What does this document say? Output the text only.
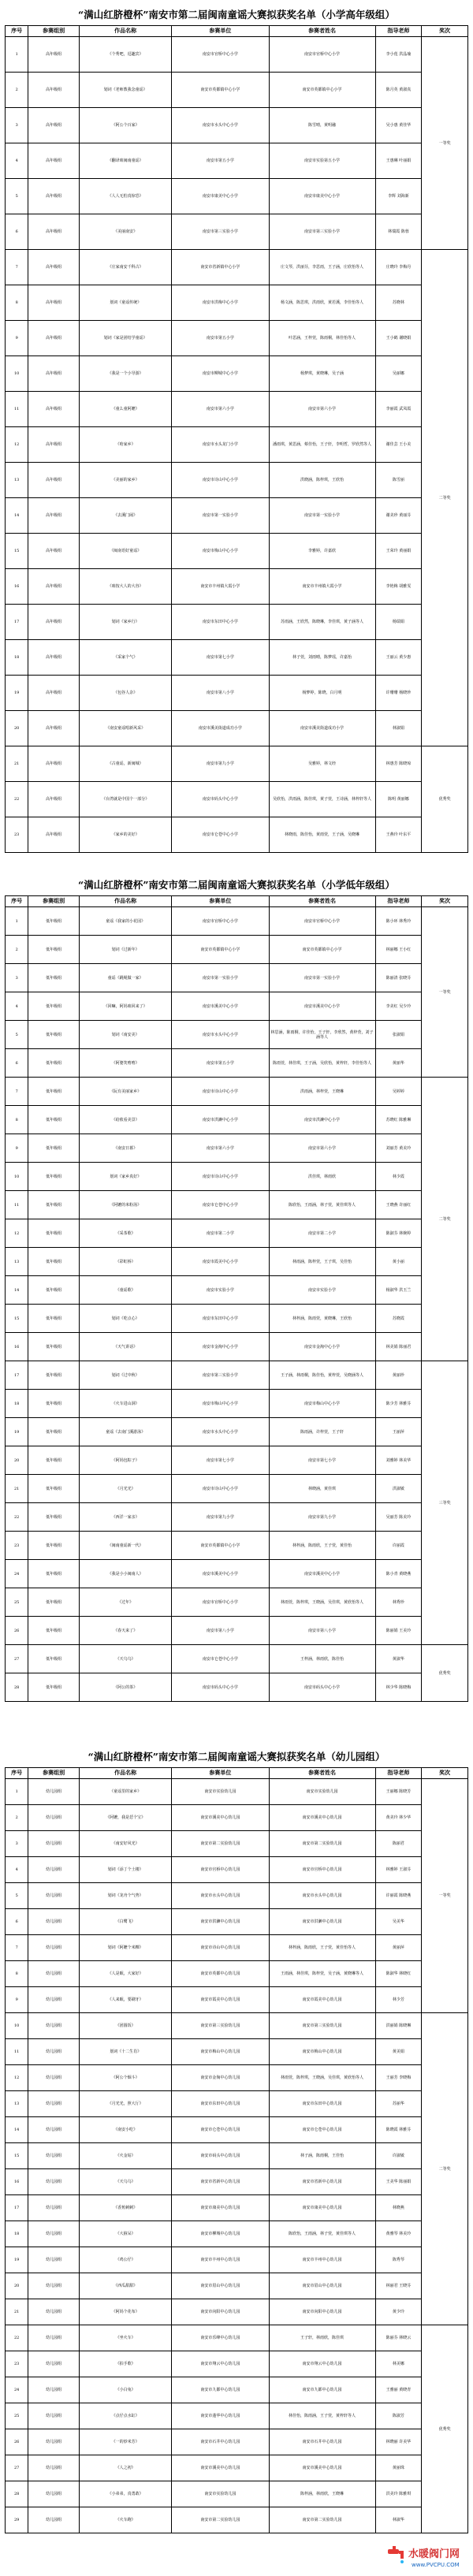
“满山红脐橙杯”南安市第二届闽南童谣大赛拟获奖名单（小学高年级组）
序号	参赛组别	作品名称	参赛单位	参赛者姓名	指导老师	奖次
1	高年级组	《个秀吧，逗趣宾》	南安市官桥中心小学	南安市官桥中心小学	李小莲 洪晶瑜	一等奖
2	高年级组	划词《老师教我念童谣》	南安市英都镇中心小学	南安市英都镇中心小学	陈月英 黄淑真	
3	高年级组	《阿公个百家》	南安市水头中心小学	陈雪晴，黄明融	吴小惠 黄佳华	
4	高年级组	《翻译咱闽南童谣》	南安市第五小学	南安市实验第五小学	王惠琳 叶丽娟	
5	高年级组	《人人无怕真惊恐》	南安市康美中心小学	南安市康美中心小学	李辉 刘海新	
6	高年级组	《美丽南安》	南安市第三实验小学	南安市第三实验小学	林瑞霞 陈蓉	
7	高年级组	《庄家南安千科古》	南安市省新镇中心小学	庄文琴，洪丽芬，李思雨，王子涵，庄欣怡等人	庄晓玲 李梅丹	二等奖
8	高年级组	划词《童谣传统》	南安市洪梅中心小学	杨文涵，陈思琪，洪雨欣，黄若溪，李佳怡等人	苏晓林	
9	高年级组	划词《家是团结学童谣》	南安市第五小学	叶思涵，王梓萱，陈雨桐，林佳怡等人	王小鹤 谢晓娟	
10	高年级组	《我是一个小导游》	南安市柳城中心小学	杨梦琪，黄晓琳，吴子涵	吴丽娜	
11	高年级组	《童么童阿嬷》	南安市第六小学	南安市第六小学	李丽霞 武凤霞	
12	高年级组	《哈家乡》	南安市水头龙门小学	潘雨琪，黄思涵，蔡佳怡，王子轩，李明哲，罗欣然等人	谢佳芸 王小美	
13	高年级组	《美丽的家乡》	南安市诗山中心小学	洪晓涵，陈梓琪，王欣怡	陈雪丽	
14	高年级组	《去溪门闹》	南安市第一实验小学	南安市第一实验小学	谢美珍 黄丽芬	
15	高年级组	《闽南语好童谣》	南安市梅山中心小学	李雅婷，许嘉欣	王荣玲 黄丽娟	
16	高年级组	《咱按大人的大谷》	南安市丰州镇大霞小学	南安市丰州镇大霞小学	李艳梅 胡雅雯	
17	高年级组	划词《家乡行》	南安市东田中心小学	苏雨涵，王欣然，陈晓琳，李佳琪，黄子涵等人	杨瑞娟	
18	高年级组	《采家个气》	南安市第七小学	林子萱，刘雨晴，陈梦瑶，许嘉怡	王丽云 黄少惠	
19	高年级组	《包谷人杂》	南安市第八小学	杨梦婷，陈晓，白月明	许珊珊 杨晓珍	
20	高年级组	《南安童谣唱新风采》	南安市溪美街道成功小学	南安市溪美街道成功小学	林淑娟	
21	高年级组	《古童谣，新闽城》	南安市第九小学	吴雅婷，林文经	林惠芳 陈晓琼	优秀奖
22	高年级组	《台湾就是中国个一部分》	南安市码头中心小学	吴欣怡，洪雨涵，陈佳琪，黄子萱，王诗涵，林梓轩等人	陈明 黄丽娜	
23	高年级组	《家乡的美好》	南安市仑苍中心小学	林晓雨，陈佳怡，黄雨萱，王子涵，吴晓琳	王燕玲 叶东平	
“满山红脐橙杯”南安市第二届闽南童谣大赛拟获奖名单（小学低年级组）
序号	参赛组别	作品名称	参赛单位	参赛者姓名	指导老师	奖次
1	低年级组	童谣《我家的小花园》	南安市官桥中心小学	南安市官桥中心小学	陈小环 林秀玲	一等奖
2	低年级组	划词《过新年》	南安市英都镇中心小学	南安市英都镇中心小学	林丽娜 王小红	
3	低年级组	童谣《跳绳做一家》	南安市第一实验小学	南安市第一实验小学	陈丽清 张晓芬	
4	低年级组	《回嘛，阿妈咱回来了》	南安市溪美中心小学	南安市溪美中心小学	李美红 吴少玲	
5	低年级组	划词《南安美》	南安市水头中心小学	林思涵，陈雨桐，许佳怡，王子轩，李欣然，黄梓萱，刘子涵等人	张淑娟	
6	低年级组	《阿婆笑嘻嘻》	南安市第五小学	陈雨萱，林佳琪，王子涵，吴欣怡，黄梓轩，李佳怡等人	黄丽华	
7	低年级组	《阮有美丽家乡》	南安市诗山中心小学	洪雨涵，林梓萱，王晓琳	吴婷婷	二等奖
8	低年级组	《给侬看美景》	南安市洪濑中心小学	南安市洪濑中心小学	苏晓红 陈雅琳	
9	低年级组	《南安日暮》	南安市第六小学	南安市第六小学	刘丽芳 黄美玲	
10	低年级组	划词《家乡真好》	南安市诗山中心小学	洪佳琪，林雨欣	林少霞	
11	低年级组	《阿嬷的米粉汤》	南安市仑苍中心小学	陈欣怡，王雨涵，林子萱，黄佳琪等人	王晓燕 许丽红	
12	低年级组	《采茶歌》	南安市第二小学	南安市第二小学	陈淑芬 林婉婷	
13	低年级组	《彩虹桥》	南安市霞美中心小学	林雨涵，陈梓萱，王子琪，吴佳怡	黄小丽	
14	低年级组	《童谣歌》	南安市实验小学	南安市实验小学	杨淑华 洪玉兰	
15	低年级组	划词《吃点心》	南安市东田中心小学	林梓涵，陈雨萱，黄晓琳，王欣怡	苏晓霞	
16	低年级组	《天气讲话》	南安市金淘中心小学	南安市金淘中心小学	林美娟 陈丽君	
17	低年级组	划词《过中秋》	南安市第三实验小学	王子涵，林雨桐，陈佳怡，黄梓萱，吴晓涵等人	黄丽珍	三等奖
18	低年级组	《火车进山洞》	南安市梅山中心小学	南安市梅山中心小学	陈少芳 林雅芬	
19	低年级组	童谣《去南门溪游泳》	南安市水头中心小学	陈雨涵，许梓萱，王子轩	王丽萍	
20	低年级组	《阿妈包粽子》	南安市第七小学	南安市第七小学	刘雅婷 林美华	
21	低年级组	《月光光》	南安市诗山中心小学	林晓涵，黄佳琪	洪淑敏	
22	低年级组	《西洋一家亲》	南安市第九小学	南安市第九小学	吴丽芳 陈美玲	
23	低年级组	《闽南童谣新一代》	南安市英都镇中心小学	林梓涵，陈雨欣，王子萱，黄佳怡	许丽霞	
24	低年级组	《我是小小闽南人》	南安市溪美中心小学	南安市溪美中心小学	陈小青 黄晓燕	
25	低年级组	《过年》	南安市官桥中心小学	林雨萱，陈梓琪，王晓涵，吴佳琪，黄欣怡等人	林秀珍	
26	低年级组	《春天来了》	南安市第八小学	南安市第八小学	陈丽娟 王美玲	
27	低年级组	《天乌乌》	南安市仑苍中心小学	王梓涵，林雨欣，陈佳怡	黄淑华	优秀奖
28	低年级组	《阿公的茶》	南安市码头中心小学	南安市码头中心小学	林少华 陈晓梅	
“满山红脐橙杯”南安市第二届闽南童谣大赛拟获奖名单（幼儿园组）
序号	参赛组别	作品名称	参赛单位	参赛者姓名	指导老师	奖次
1	幼儿园组	《童谣里的家乡》	南安市实验幼儿园	南安市实验幼儿园	王丽娜 陈晓芳	一等奖
2	幼儿园组	《阿嬷，我是恁个宝》	南安市溪美中心幼儿园	南安市溪美中心幼儿园	黄美玲 林少华	
3	幼儿园组	《南安好风光》	南安市第二实验幼儿园	南安市第二实验幼儿园	陈丽君	
4	幼儿园组	划词《添丁个土楼》	南安市官桥中心幼儿园	南安市官桥中心幼儿园	林雅婷 王淑芬	
5	幼儿园组	划词《龙舟个气势》	南安市水头中心幼儿园	南安市水头中心幼儿园	许丽霞 陈晓燕	
6	幼儿园组	《白鹭飞》	南安市洪濑中心幼儿园	南安市洪濑中心幼儿园	吴美华	
7	幼儿园组	划词《阿嬷个米粿》	南安市诗山中心幼儿园	林梓涵，陈雨欣，王子萱，黄佳怡等人	黄丽萍	
8	幼儿园组	《人是眠，大家好》	南安市英都中心幼儿园	王雨涵，林佳琪，陈梓萱，吴子涵，黄晓琳等人	陈淑华 林晓红	
9	幼儿园组	《人来眠，要刷牙》	南安市霞美中心幼儿园	南安市霞美中心幼儿园	林少芳	
10	幼儿园组	《团圆饭》	南安市第三实验幼儿园	南安市第三实验幼儿园	洪丽娟 陈晓琳	二等奖
11	幼儿园组	划词《十二生肖》	南安市梅山中心幼儿园	南安市梅山中心幼儿园	黄美娟	
12	幼儿园组	《阿公个烟斗》	南安市金淘中心幼儿园	林雨萱，陈梓琪，王晓涵，吴佳琪，黄欣怡等人	王丽芳 李晓梅	
13	幼儿园组	《月光光，照大厅》	南安市东田中心幼儿园	南安市东田中心幼儿园	苏丽华	
14	幼儿园组	《南安小吃》	南安市仑苍中心幼儿园	南安市仑苍中心幼儿园	陈晓霞 林雅芬	
15	幼儿园组	《火金姑》	南安市码头中心幼儿园	林子涵，陈雨桐，王佳怡	许淑敏	
16	幼儿园组	《天乌乌》	南安市省新中心幼儿园	南安市省新中心幼儿园	王美华 陈丽娟	
17	幼儿园组	《香蕉刺刺》	南安市康美中心幼儿园	南安市康美中心幼儿园	林晓燕	
18	幼儿园组	《大箍呆》	南安市柳城中心幼儿园	陈欣怡，王雨涵，林子萱，黄佳琪等人	黄雅琴 林美玲	
19	幼儿园组	《鸡公仔》	南安市丰州中心幼儿园	南安市丰州中心幼儿园	陈秀琴	
20	幼儿园组	《西瓜甜甜》	南安市眉山中心幼儿园	南安市眉山中心幼儿园	林丽君 王晓芬	
21	幼儿园组	《阿妈个花布》	南安市向阳中心幼儿园	南安市向阳中心幼儿园	黄少玲	
22	幼儿园组	《坐火车》	南安市乐峰中心幼儿园	王子轩，林雨欣，陈佳琪	陈丽芬 林晓云	优秀奖
23	幼儿园组	《拍手歌》	南安市翔云中心幼儿园	南安市翔云中心幼儿园	林美娜	
24	幼儿园组	《小白兔》	南安市九都中心幼儿园	南安市九都中心幼儿园	王雅丽 黄晓青	
25	幼儿园组	《点仔点水缸》	南安市蓬华中心幼儿园	林佳怡，陈雨涵，王子萱，黄梓轩等人	陈淑芳	
26	幼儿园组	《一的炒米芳》	南安市石井中心幼儿园	南安市石井中心幼儿园	林晓丽 许美华	
27	幼儿园组	《人之初》	南安市溪美中心幼儿园	南安市溪美中心幼儿园	黄丽珠	
28	幼儿园组	《小弟弟，真勇敢》	南安市实验幼儿园	陈梓涵，林雨欣，王晓琳	洪美玲 陈雅琪	
29	幼儿园组	《火车跑》	南安市第二实验幼儿园	南安市第二实验幼儿园	林淑华	
水暖阀门网
www.PVCPU.COM
